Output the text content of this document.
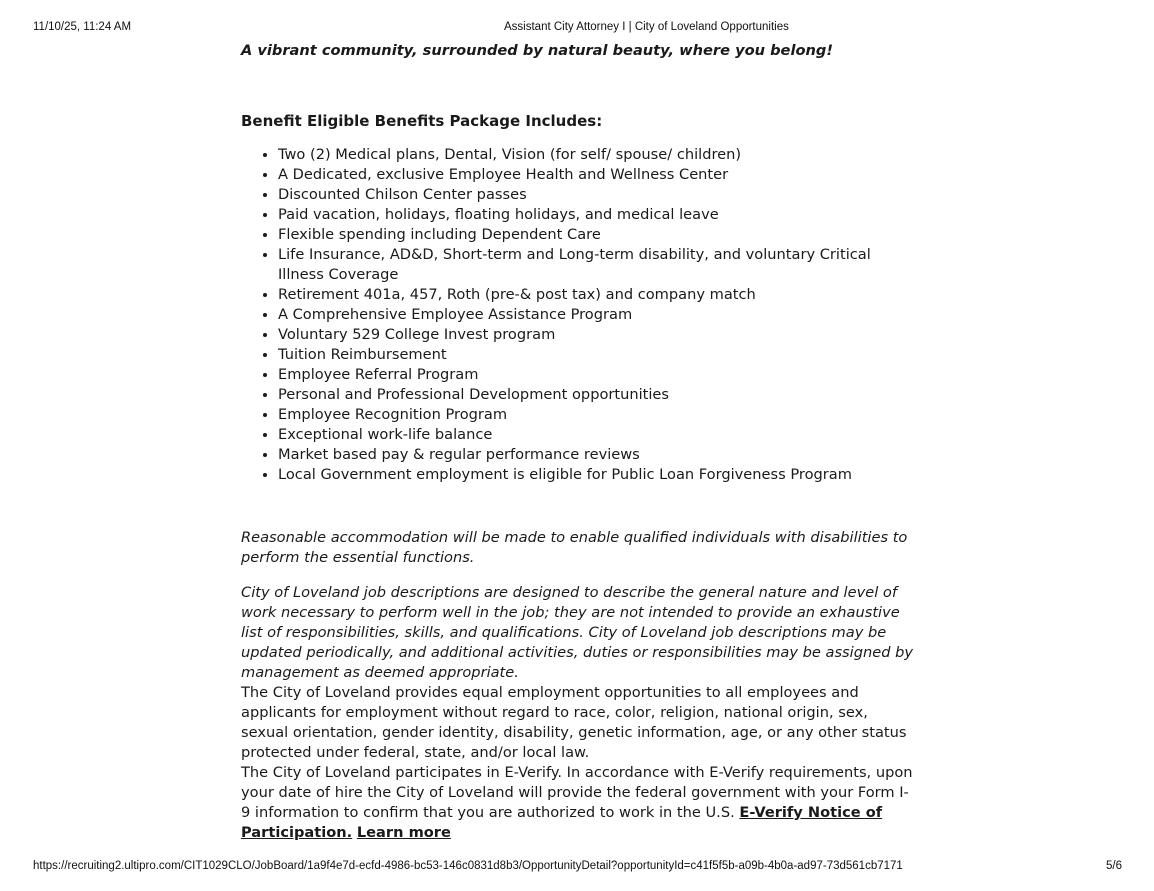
11/10/25, 11:24 AM	Assistant City Attorney I | City of Loveland Opportunities

A vibrant community, surrounded by natural beauty, where you belong!

Benefit Eligible Benefits Package Includes:

• Two (2) Medical plans, Dental, Vision (for self/ spouse/ children)
• A Dedicated, exclusive Employee Health and Wellness Center
• Discounted Chilson Center passes
• Paid vacation, holidays, floating holidays, and medical leave
• Flexible spending including Dependent Care
• Life Insurance, AD&D, Short-term and Long-term disability, and voluntary Critical Illness Coverage
• Retirement 401a, 457, Roth (pre-& post tax) and company match
• A Comprehensive Employee Assistance Program
• Voluntary 529 College Invest program
• Tuition Reimbursement
• Employee Referral Program
• Personal and Professional Development opportunities
• Employee Recognition Program
• Exceptional work-life balance
• Market based pay & regular performance reviews
• Local Government employment is eligible for Public Loan Forgiveness Program

Reasonable accommodation will be made to enable qualified individuals with disabilities to perform the essential functions.

City of Loveland job descriptions are designed to describe the general nature and level of work necessary to perform well in the job; they are not intended to provide an exhaustive list of responsibilities, skills, and qualifications. City of Loveland job descriptions may be updated periodically, and additional activities, duties or responsibilities may be assigned by management as deemed appropriate.

The City of Loveland provides equal employment opportunities to all employees and applicants for employment without regard to race, color, religion, national origin, sex, sexual orientation, gender identity, disability, genetic information, age, or any other status protected under federal, state, and/or local law.

The City of Loveland participates in E-Verify. In accordance with E-Verify requirements, upon your date of hire the City of Loveland will provide the federal government with your Form I-9 information to confirm that you are authorized to work in the U.S. E-Verify Notice of Participation. Learn more

https://recruiting2.ultipro.com/CIT1029CLO/JobBoard/1a9f4e7d-ecfd-4986-bc53-146c0831d8b3/OpportunityDetail?opportunityId=c41f5f5b-a09b-4b0a-ad97-73d561cb7171	5/6
